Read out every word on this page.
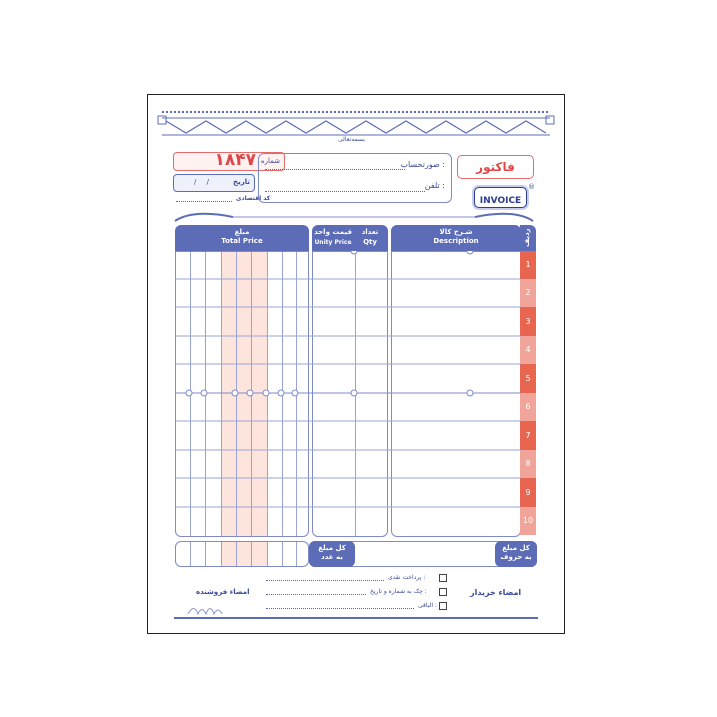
بسمه‌تعالی
شماره
۱۸۴۷
تاریخ
/ /
کد اقتصادی
صورتحساب :
تلفن :
فاکتور
INVOICE
®
مبلغ
Total Price
قیمت واحد
Unity Price
تعداد
Qty
شـرح کالا
Description	ردیف
1
2
3
4
5
6
7
8
9
10
کل مبلغ
به عدد
کل مبلغ
به حروف
پرداخت نقدی :
چک به شماره و تاریخ :
الباقی :
امضاء خریدار
امضاء فروشنده
